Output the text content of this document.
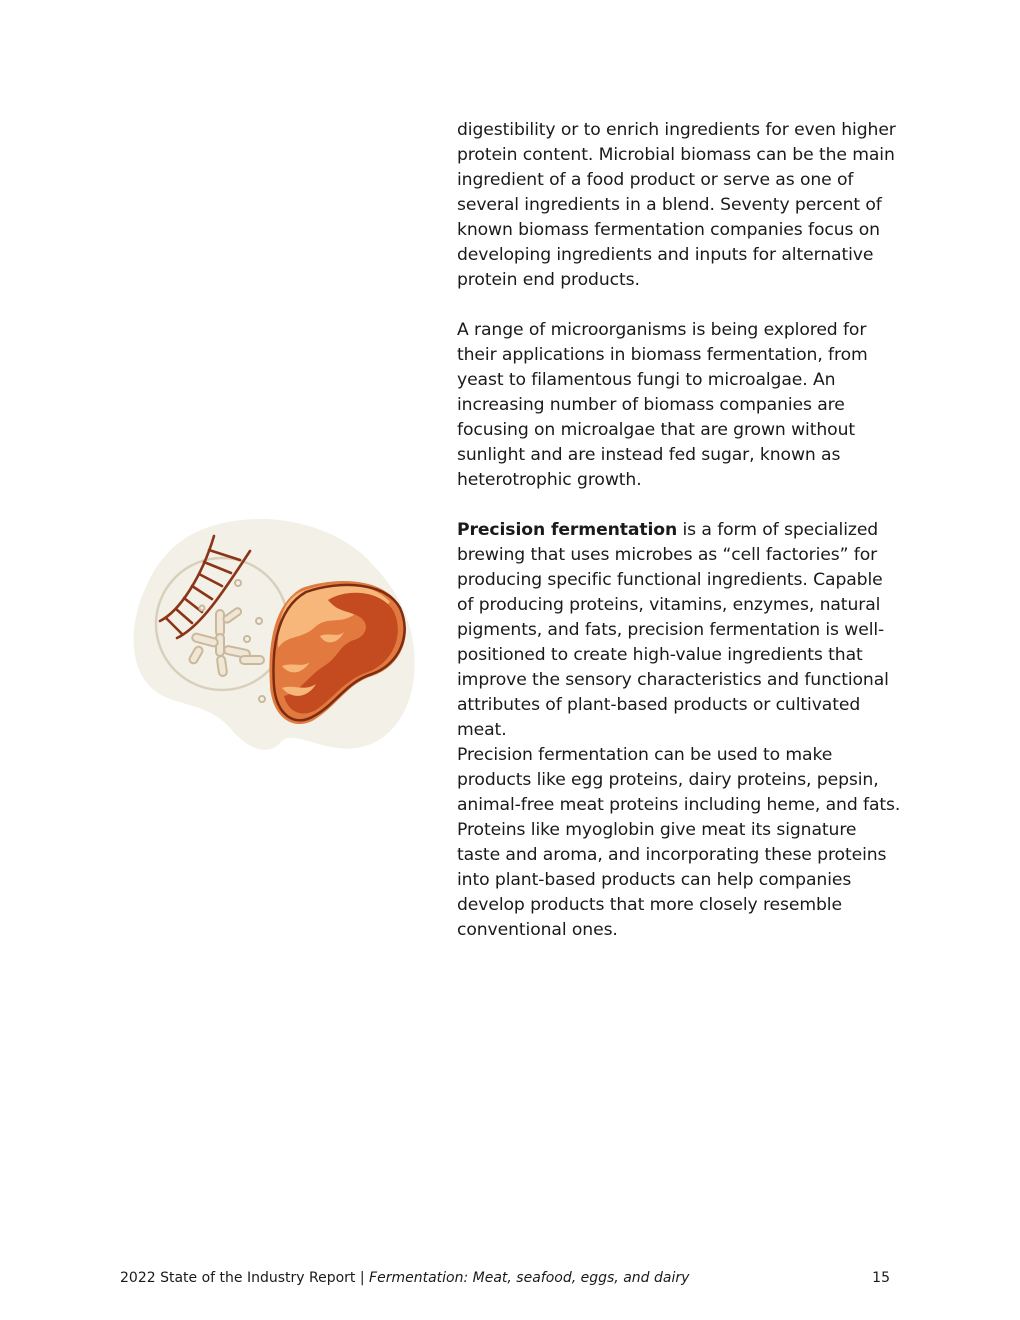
digestibility or to enrich ingredients for even higher protein content. Microbial biomass can be the main ingredient of a food product or serve as one of several ingredients in a blend. Seventy percent of known biomass fermentation companies focus on developing ingredients and inputs for alternative protein end products.

A range of microorganisms is being explored for their applications in biomass fermentation, from yeast to filamentous fungi to microalgae. An increasing number of biomass companies are focusing on microalgae that are grown without sunlight and are instead fed sugar, known as heterotrophic growth.

Precision fermentation is a form of specialized brewing that uses microbes as “cell factories” for producing specific functional ingredients. Capable of producing proteins, vitamins, enzymes, natural pigments, and fats, precision fermentation is well-positioned to create high-value ingredients that improve the sensory characteristics and functional attributes of plant-based products or cultivated meat.

Precision fermentation can be used to make products like egg proteins, dairy proteins, pepsin, animal-free meat proteins including heme, and fats. Proteins like myoglobin give meat its signature taste and aroma, and incorporating these proteins into plant-based products can help companies develop products that more closely resemble conventional ones.

2022 State of the Industry Report | Fermentation: Meat, seafood, eggs, and dairy	15
